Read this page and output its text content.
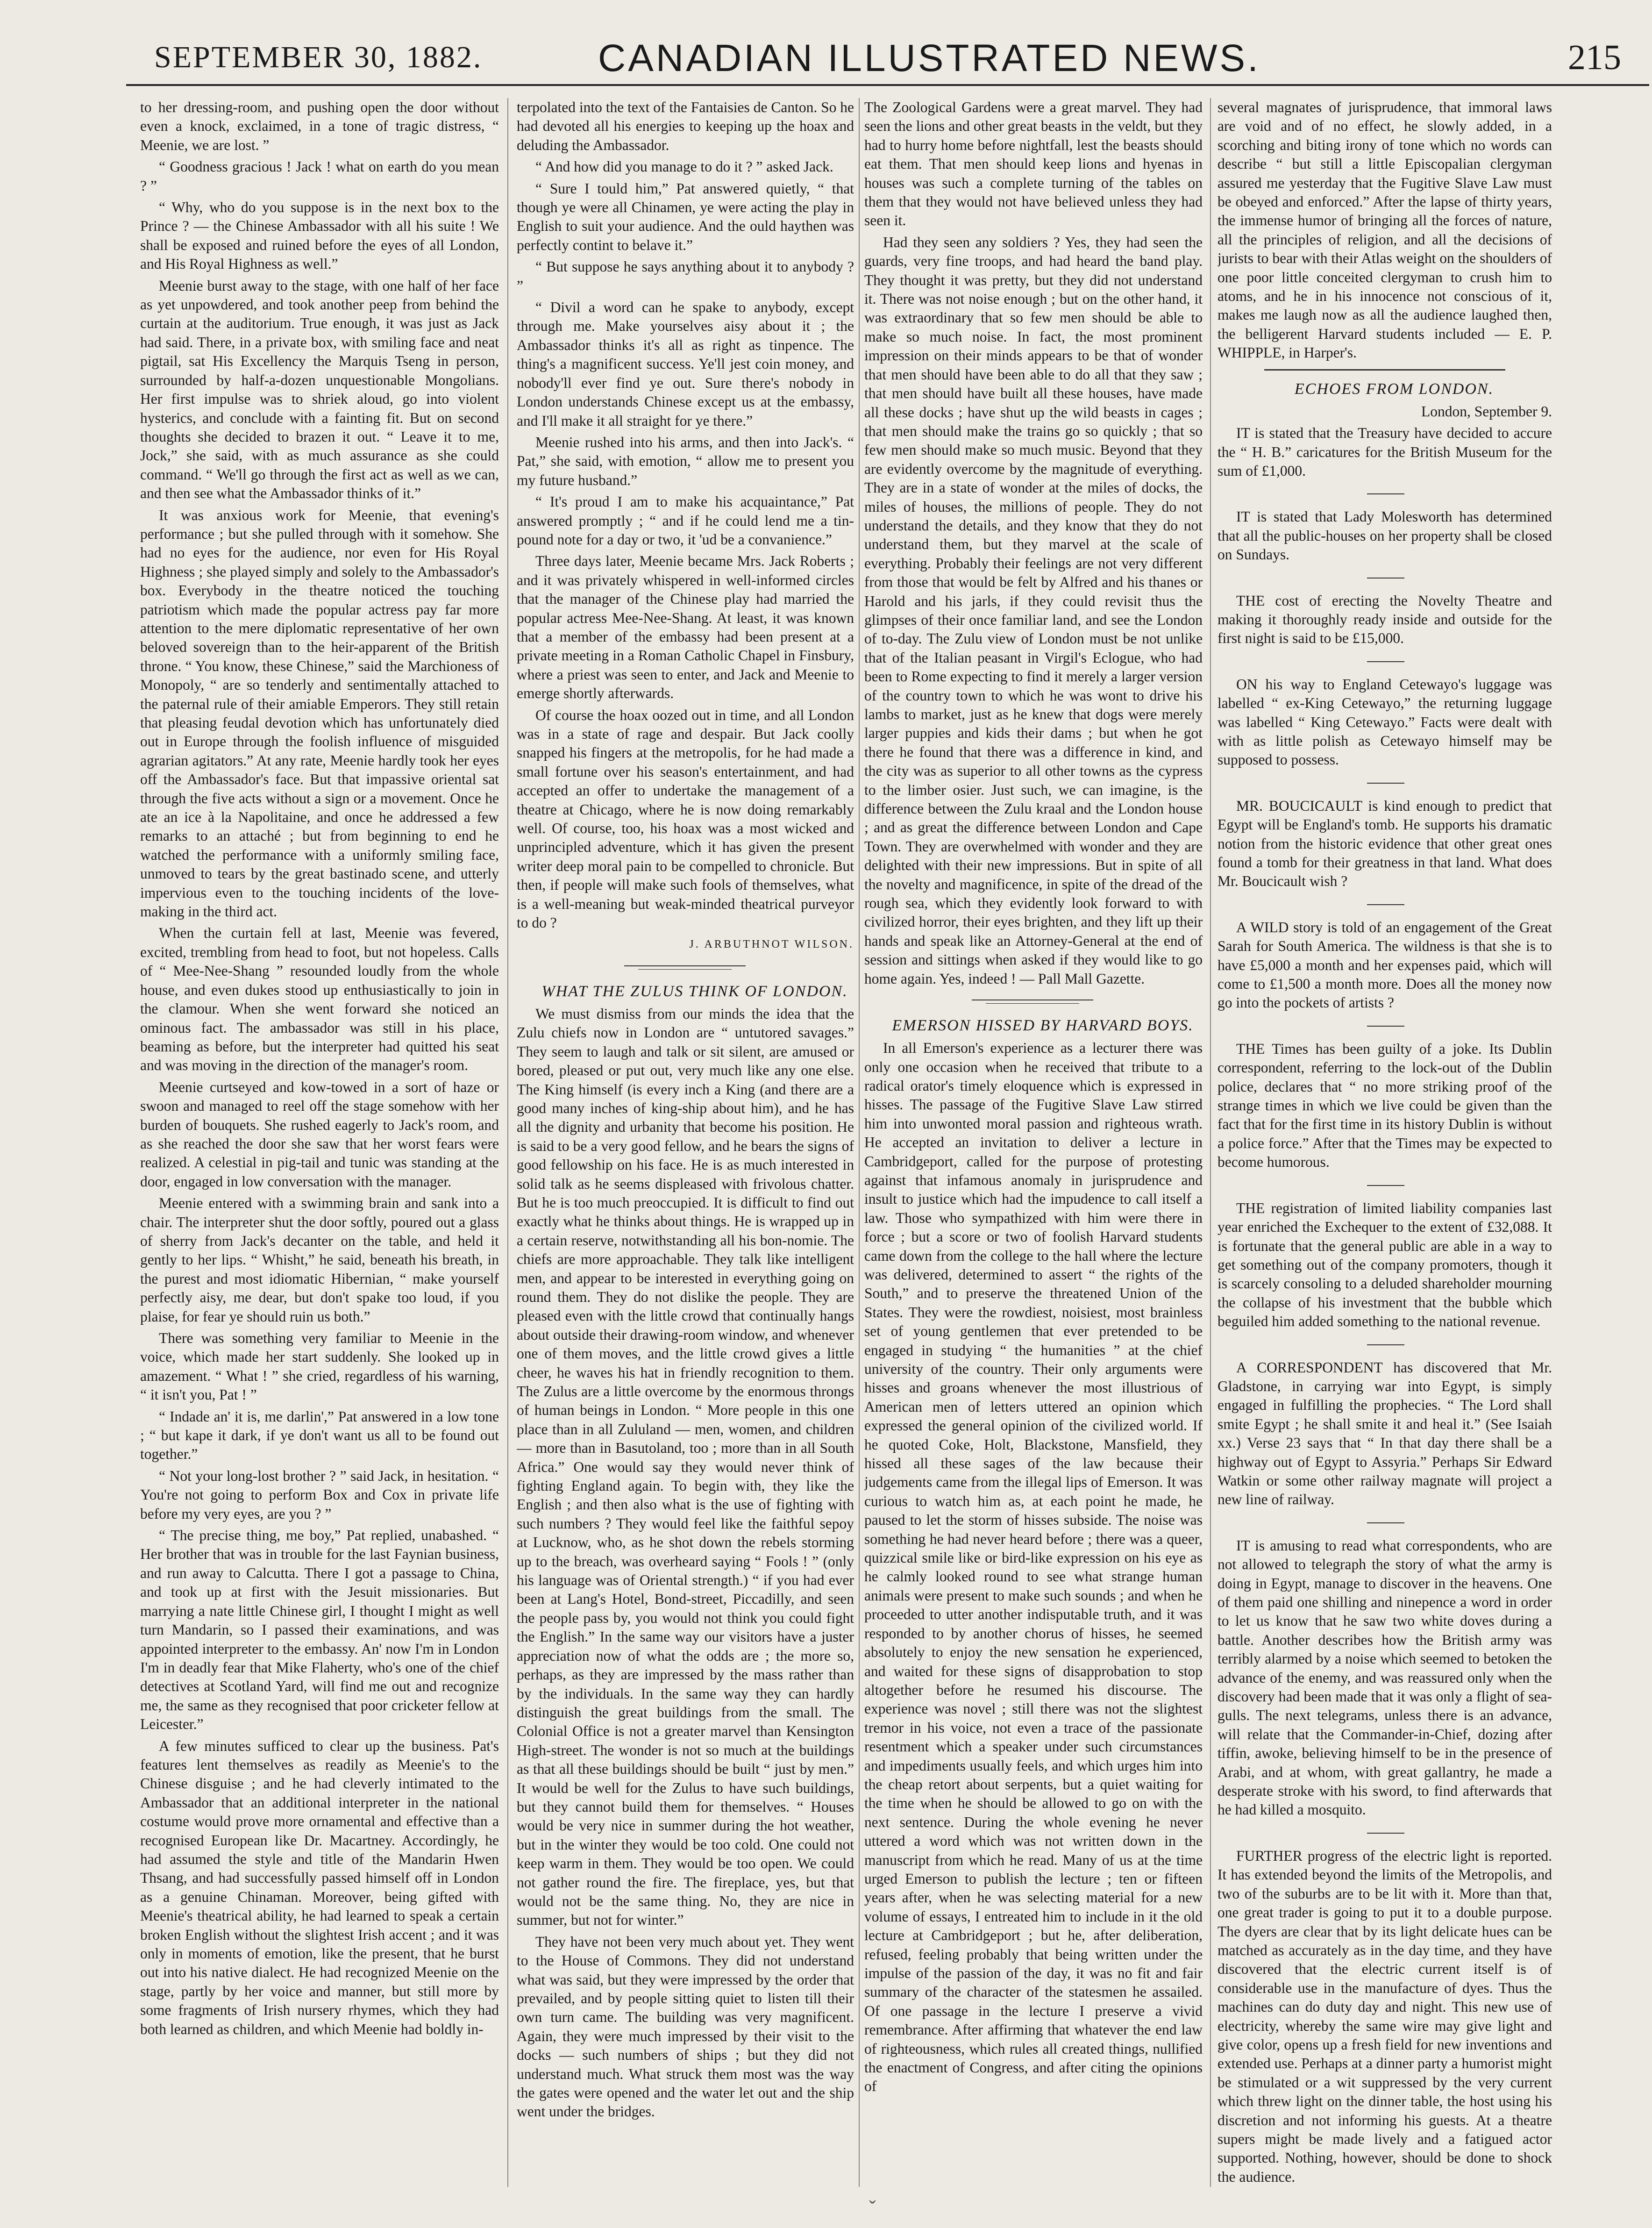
SEPTEMBER 30, 1882.	CANADIAN ILLUSTRATED NEWS.	215

to her dressing-room, and pushing open the door without even a knock, exclaimed, in a tone of tragic distress, “ Meenie, we are lost. ”

“ Goodness gracious ! Jack ! what on earth do you mean ? ”

“ Why, who do you suppose is in the next box to the Prince ? — the Chinese Ambassador with all his suite ! We shall be exposed and ruined before the eyes of all London, and His Royal Highness as well.”

Meenie burst away to the stage, with one half of her face as yet unpowdered, and took another peep from behind the curtain at the auditorium. True enough, it was just as Jack had said. There, in a private box, with smiling face and neat pigtail, sat His Excellency the Marquis Tseng in person, surrounded by half-a-dozen unquestionable Mongolians. Her first impulse was to shriek aloud, go into violent hysterics, and conclude with a fainting fit. But on second thoughts she decided to brazen it out. “ Leave it to me, Jock,” she said, with as much assurance as she could command. “ We'll go through the first act as well as we can, and then see what the Ambassador thinks of it.”

It was anxious work for Meenie, that evening's performance ; but she pulled through with it somehow. She had no eyes for the audience, nor even for His Royal Highness ; she played simply and solely to the Ambassador's box. Everybody in the theatre noticed the touching patriotism which made the popular actress pay far more attention to the mere diplomatic representative of her own beloved sovereign than to the heir-apparent of the British throne. “ You know, these Chinese,” said the Marchioness of Monopoly, “ are so tenderly and sentimentally attached to the paternal rule of their amiable Emperors. They still retain that pleasing feudal devotion which has unfortunately died out in Europe through the foolish influence of misguided agrarian agitators.” At any rate, Meenie hardly took her eyes off the Ambassador's face. But that impassive oriental sat through the five acts without a sign or a movement. Once he ate an ice à la Napolitaine, and once he addressed a few remarks to an attaché ; but from beginning to end he watched the performance with a uniformly smiling face, unmoved to tears by the great bastinado scene, and utterly impervious even to the touching incidents of the love-making in the third act.

When the curtain fell at last, Meenie was fevered, excited, trembling from head to foot, but not hopeless. Calls of “ Mee-Nee-Shang ” resounded loudly from the whole house, and even dukes stood up enthusiastically to join in the clamour. When she went forward she noticed an ominous fact. The ambassador was still in his place, beaming as before, but the interpreter had quitted his seat and was moving in the direction of the manager's room.

Meenie curtseyed and kow-towed in a sort of haze or swoon and managed to reel off the stage somehow with her burden of bouquets. She rushed eagerly to Jack's room, and as she reached the door she saw that her worst fears were realized. A celestial in pig-tail and tunic was standing at the door, engaged in low conversation with the manager.

Meenie entered with a swimming brain and sank into a chair. The interpreter shut the door softly, poured out a glass of sherry from Jack's decanter on the table, and held it gently to her lips. “ Whisht,” he said, beneath his breath, in the purest and most idiomatic Hibernian, “ make yourself perfectly aisy, me dear, but don't spake too loud, if you plaise, for fear ye should ruin us both.”

There was something very familiar to Meenie in the voice, which made her start suddenly. She looked up in amazement. “ What ! ” she cried, regardless of his warning, “ it isn't you, Pat ! ”

“ Indade an' it is, me darlin',” Pat answered in a low tone ; “ but kape it dark, if ye don't want us all to be found out together.”

“ Not your long-lost brother ? ” said Jack, in hesitation. “ You're not going to perform Box and Cox in private life before my very eyes, are you ? ”

“ The precise thing, me boy,” Pat replied, unabashed. “ Her brother that was in trouble for the last Faynian business, and run away to Calcutta. There I got a passage to China, and took up at first with the Jesuit missionaries. But marrying a nate little Chinese girl, I thought I might as well turn Mandarin, so I passed their examinations, and was appointed interpreter to the embassy. An' now I'm in London I'm in deadly fear that Mike Flaherty, who's one of the chief detectives at Scotland Yard, will find me out and recognize me, the same as they recognised that poor cricketer fellow at Leicester.”

A few minutes sufficed to clear up the business. Pat's features lent themselves as readily as Meenie's to the Chinese disguise ; and he had cleverly intimated to the Ambassador that an additional interpreter in the national costume would prove more ornamental and effective than a recognised European like Dr. Macartney. Accordingly, he had assumed the style and title of the Mandarin Hwen Thsang, and had successfully passed himself off in London as a genuine Chinaman. Moreover, being gifted with Meenie's theatrical ability, he had learned to speak a certain broken English without the slightest Irish accent ; and it was only in moments of emotion, like the present, that he burst out into his native dialect. He had recognized Meenie on the stage, partly by her voice and manner, but still more by some fragments of Irish nursery rhymes, which they had both learned as children, and which Meenie had boldly in-

terpolated into the text of the Fantaisies de Canton. So he had devoted all his energies to keeping up the hoax and deluding the Ambassador.

“ And how did you manage to do it ? ” asked Jack.

“ Sure I tould him,” Pat answered quietly, “ that though ye were all Chinamen, ye were acting the play in English to suit your audience. And the ould haythen was perfectly contint to belave it.”

“ But suppose he says anything about it to anybody ? ”

“ Divil a word can he spake to anybody, except through me. Make yourselves aisy about it ; the Ambassador thinks it's all as right as tinpence. The thing's a magnificent success. Ye'll jest coin money, and nobody'll ever find ye out. Sure there's nobody in London understands Chinese except us at the embassy, and I'll make it all straight for ye there.”

Meenie rushed into his arms, and then into Jack's. “ Pat,” she said, with emotion, “ allow me to present you my future husband.”

“ It's proud I am to make his acquaintance,” Pat answered promptly ; “ and if he could lend me a tin-pound note for a day or two, it 'ud be a convanience.”

Three days later, Meenie became Mrs. Jack Roberts ; and it was privately whispered in well-informed circles that the manager of the Chinese play had married the popular actress Mee-Nee-Shang. At least, it was known that a member of the embassy had been present at a private meeting in a Roman Catholic Chapel in Finsbury, where a priest was seen to enter, and Jack and Meenie to emerge shortly afterwards.

Of course the hoax oozed out in time, and all London was in a state of rage and despair. But Jack coolly snapped his fingers at the metropolis, for he had made a small fortune over his season's entertainment, and had accepted an offer to undertake the management of a theatre at Chicago, where he is now doing remarkably well. Of course, too, his hoax was a most wicked and unprincipled adventure, which it has given the present writer deep moral pain to be compelled to chronicle. But then, if people will make such fools of themselves, what is a well-meaning but weak-minded theatrical purveyor to do ?

J. ARBUTHNOT WILSON.

WHAT THE ZULUS THINK OF LONDON.

We must dismiss from our minds the idea that the Zulu chiefs now in London are “ untutored savages.” They seem to laugh and talk or sit silent, are amused or bored, pleased or put out, very much like any one else. The King himself (is every inch a King (and there are a good many inches of king-ship about him), and he has all the dignity and urbanity that become his position. He is said to be a very good fellow, and he bears the signs of good fellowship on his face. He is as much interested in solid talk as he seems displeased with frivolous chatter. But he is too much preoccupied. It is difficult to find out exactly what he thinks about things. He is wrapped up in a certain reserve, notwithstanding all his bon-nomie. The chiefs are more approachable. They talk like intelligent men, and appear to be interested in everything going on round them. They do not dislike the people. They are pleased even with the little crowd that continually hangs about outside their drawing-room window, and whenever one of them moves, and the little crowd gives a little cheer, he waves his hat in friendly recognition to them. The Zulus are a little overcome by the enormous throngs of human beings in London. “ More people in this one place than in all Zululand — men, women, and children — more than in Basutoland, too ; more than in all South Africa.” One would say they would never think of fighting England again. To begin with, they like the English ; and then also what is the use of fighting with such numbers ? They would feel like the faithful sepoy at Lucknow, who, as he shot down the rebels storming up to the breach, was overheard saying “ Fools ! ” (only his language was of Oriental strength.) “ if you had ever been at Lang's Hotel, Bond-street, Piccadilly, and seen the people pass by, you would not think you could fight the English.” In the same way our visitors have a juster appreciation now of what the odds are ; the more so, perhaps, as they are impressed by the mass rather than by the individuals. In the same way they can hardly distinguish the great buildings from the small. The Colonial Office is not a greater marvel than Kensington High-street. The wonder is not so much at the buildings as that all these buildings should be built “ just by men.” It would be well for the Zulus to have such buildings, but they cannot build them for themselves. “ Houses would be very nice in summer during the hot weather, but in the winter they would be too cold. One could not keep warm in them. They would be too open. We could not gather round the fire. The fireplace, yes, but that would not be the same thing. No, they are nice in summer, but not for winter.”

They have not been very much about yet. They went to the House of Commons. They did not understand what was said, but they were impressed by the order that prevailed, and by people sitting quiet to listen till their own turn came. The building was very magnificent. Again, they were much impressed by their visit to the docks — such numbers of ships ; but they did not understand much. What struck them most was the way the gates were opened and the water let out and the ship went under the bridges.

The Zoological Gardens were a great marvel. They had seen the lions and other great beasts in the veldt, but they had to hurry home before nightfall, lest the beasts should eat them. That men should keep lions and hyenas in houses was such a complete turning of the tables on them that they would not have believed unless they had seen it.

Had they seen any soldiers ? Yes, they had seen the guards, very fine troops, and had heard the band play. They thought it was pretty, but they did not understand it. There was not noise enough ; but on the other hand, it was extraordinary that so few men should be able to make so much noise. In fact, the most prominent impression on their minds appears to be that of wonder that men should have been able to do all that they saw ; that men should have built all these houses, have made all these docks ; have shut up the wild beasts in cages ; that men should make the trains go so quickly ; that so few men should make so much music. Beyond that they are evidently overcome by the magnitude of everything. They are in a state of wonder at the miles of docks, the miles of houses, the millions of people. They do not understand the details, and they know that they do not understand them, but they marvel at the scale of everything. Probably their feelings are not very different from those that would be felt by Alfred and his thanes or Harold and his jarls, if they could revisit thus the glimpses of their once familiar land, and see the London of to-day. The Zulu view of London must be not unlike that of the Italian peasant in Virgil's Eclogue, who had been to Rome expecting to find it merely a larger version of the country town to which he was wont to drive his lambs to market, just as he knew that dogs were merely larger puppies and kids their dams ; but when he got there he found that there was a difference in kind, and the city was as superior to all other towns as the cypress to the limber osier. Just such, we can imagine, is the difference between the Zulu kraal and the London house ; and as great the difference between London and Cape Town. They are overwhelmed with wonder and they are delighted with their new impressions. But in spite of all the novelty and magnificence, in spite of the dread of the rough sea, which they evidently look forward to with civilized horror, their eyes brighten, and they lift up their hands and speak like an Attorney-General at the end of session and sittings when asked if they would like to go home again. Yes, indeed ! — Pall Mall Gazette.

EMERSON HISSED BY HARVARD BOYS.

In all Emerson's experience as a lecturer there was only one occasion when he received that tribute to a radical orator's timely eloquence which is expressed in hisses. The passage of the Fugitive Slave Law stirred him into unwonted moral passion and righteous wrath. He accepted an invitation to deliver a lecture in Cambridgeport, called for the purpose of protesting against that infamous anomaly in jurisprudence and insult to justice which had the impudence to call itself a law. Those who sympathized with him were there in force ; but a score or two of foolish Harvard students came down from the college to the hall where the lecture was delivered, determined to assert “ the rights of the South,” and to preserve the threatened Union of the States. They were the rowdiest, noisiest, most brainless set of young gentlemen that ever pretended to be engaged in studying “ the humanities ” at the chief university of the country. Their only arguments were hisses and groans whenever the most illustrious of American men of letters uttered an opinion which expressed the general opinion of the civilized world. If he quoted Coke, Holt, Blackstone, Mansfield, they hissed all these sages of the law because their judgements came from the illegal lips of Emerson. It was curious to watch him as, at each point he made, he paused to let the storm of hisses subside. The noise was something he had never heard before ; there was a queer, quizzical smile like or bird-like expression on his eye as he calmly looked round to see what strange human animals were present to make such sounds ; and when he proceeded to utter another indisputable truth, and it was responded to by another chorus of hisses, he seemed absolutely to enjoy the new sensation he experienced, and waited for these signs of disapprobation to stop altogether before he resumed his discourse. The experience was novel ; still there was not the slightest tremor in his voice, not even a trace of the passionate resentment which a speaker under such circumstances and impediments usually feels, and which urges him into the cheap retort about serpents, but a quiet waiting for the time when he should be allowed to go on with the next sentence. During the whole evening he never uttered a word which was not written down in the manuscript from which he read. Many of us at the time urged Emerson to publish the lecture ; ten or fifteen years after, when he was selecting material for a new volume of essays, I entreated him to include in it the old lecture at Cambridgeport ; but he, after deliberation, refused, feeling probably that being written under the impulse of the passion of the day, it was no fit and fair summary of the character of the statesmen he assailed. Of one passage in the lecture I preserve a vivid remembrance. After affirming that whatever the end law of righteousness, which rules all created things, nullified the enactment of Congress, and after citing the opinions of

several magnates of jurisprudence, that immoral laws are void and of no effect, he slowly added, in a scorching and biting irony of tone which no words can describe “ but still a little Episcopalian clergyman assured me yesterday that the Fugitive Slave Law must be obeyed and enforced.” After the lapse of thirty years, the immense humor of bringing all the forces of nature, all the principles of religion, and all the decisions of jurists to bear with their Atlas weight on the shoulders of one poor little conceited clergyman to crush him to atoms, and he in his innocence not conscious of it, makes me laugh now as all the audience laughed then, the belligerent Harvard students included — E. P. WHIPPLE, in Harper's.

ECHOES FROM LONDON.

London, September 9.

IT is stated that the Treasury have decided to accure the “ H. B.” caricatures for the British Museum for the sum of £1,000.

IT is stated that Lady Molesworth has determined that all the public-houses on her property shall be closed on Sundays.

THE cost of erecting the Novelty Theatre and making it thoroughly ready inside and outside for the first night is said to be £15,000.

ON his way to England Cetewayo's luggage was labelled “ ex-King Cetewayo,” the returning luggage was labelled “ King Cetewayo.” Facts were dealt with with as little polish as Cetewayo himself may be supposed to possess.

MR. BOUCICAULT is kind enough to predict that Egypt will be England's tomb. He supports his dramatic notion from the historic evidence that other great ones found a tomb for their greatness in that land. What does Mr. Boucicault wish ?

A WILD story is told of an engagement of the Great Sarah for South America. The wildness is that she is to have £5,000 a month and her expenses paid, which will come to £1,500 a month more. Does all the money now go into the pockets of artists ?

THE Times has been guilty of a joke. Its Dublin correspondent, referring to the lock-out of the Dublin police, declares that “ no more striking proof of the strange times in which we live could be given than the fact that for the first time in its history Dublin is without a police force.” After that the Times may be expected to become humorous.

THE registration of limited liability companies last year enriched the Exchequer to the extent of £32,088. It is fortunate that the general public are able in a way to get something out of the company promoters, though it is scarcely consoling to a deluded shareholder mourning the collapse of his investment that the bubble which beguiled him added something to the national revenue.

A CORRESPONDENT has discovered that Mr. Gladstone, in carrying war into Egypt, is simply engaged in fulfilling the prophecies. “ The Lord shall smite Egypt ; he shall smite it and heal it.” (See Isaiah xx.) Verse 23 says that “ In that day there shall be a highway out of Egypt to Assyria.” Perhaps Sir Edward Watkin or some other railway magnate will project a new line of railway.

IT is amusing to read what correspondents, who are not allowed to telegraph the story of what the army is doing in Egypt, manage to discover in the heavens. One of them paid one shilling and ninepence a word in order to let us know that he saw two white doves during a battle. Another describes how the British army was terribly alarmed by a noise which seemed to betoken the advance of the enemy, and was reassured only when the discovery had been made that it was only a flight of sea-gulls. The next telegrams, unless there is an advance, will relate that the Commander-in-Chief, dozing after tiffin, awoke, believing himself to be in the presence of Arabi, and at whom, with great gallantry, he made a desperate stroke with his sword, to find afterwards that he had killed a mosquito.

FURTHER progress of the electric light is reported. It has extended beyond the limits of the Metropolis, and two of the suburbs are to be lit with it. More than that, one great trader is going to put it to a double purpose. The dyers are clear that by its light delicate hues can be matched as accurately as in the day time, and they have discovered that the electric current itself is of considerable use in the manufacture of dyes. Thus the machines can do duty day and night. This new use of electricity, whereby the same wire may give light and give color, opens up a fresh field for new inventions and extended use. Perhaps at a dinner party a humorist might be stimulated or a wit suppressed by the very current which threw light on the dinner table, the host using his discretion and not informing his guests. At a theatre supers might be made lively and a fatigued actor supported. Nothing, however, should be done to shock the audience.

ˇ
